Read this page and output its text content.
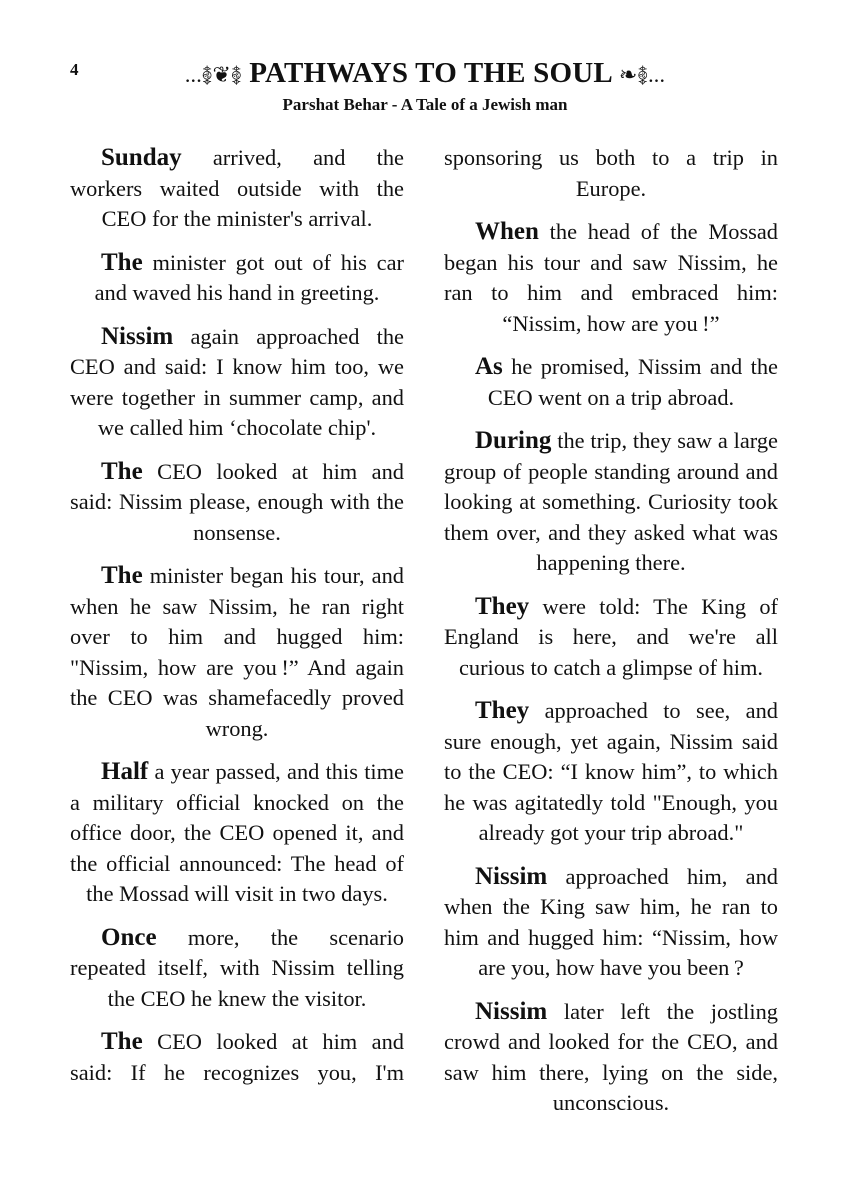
4	...࿅❦࿅ PATHWAYS TO THE SOUL ❧࿅...
Parshat Behar - A Tale of a Jewish man

Sunday arrived, and the workers waited outside with the CEO for the minister's arrival.

The minister got out of his car and waved his hand in greeting.

Nissim again approached the CEO and said: I know him too, we were together in summer camp, and we called him ‘chocolate chip'.

The CEO looked at him and said: Nissim please, enough with the nonsense.

The minister began his tour, and when he saw Nissim, he ran right over to him and hugged him: "Nissim, how are you !” And again the CEO was shamefacedly proved wrong.

Half a year passed, and this time a military official knocked on the office door, the CEO opened it, and the official announced: The head of the Mossad will visit in two days.

Once more, the scenario repeated itself, with Nissim telling the CEO he knew the visitor.

The CEO looked at him and said: If he recognizes you, I'm

sponsoring us both to a trip in Europe.

When the head of the Mossad began his tour and saw Nissim, he ran to him and embraced him: “Nissim, how are you !”

As he promised, Nissim and the CEO went on a trip abroad.

During the trip, they saw a large group of people standing around and looking at something. Curiosity took them over, and they asked what was happening there.

They were told: The King of England is here, and we're all curious to catch a glimpse of him.

They approached to see, and sure enough, yet again, Nissim said to the CEO: “I know him”, to which he was agitatedly told "Enough, you already got your trip abroad."

Nissim approached him, and when the King saw him, he ran to him and hugged him: “Nissim, how are you, how have you been ?

Nissim later left the jostling crowd and looked for the CEO, and saw him there, lying on the side, unconscious.
